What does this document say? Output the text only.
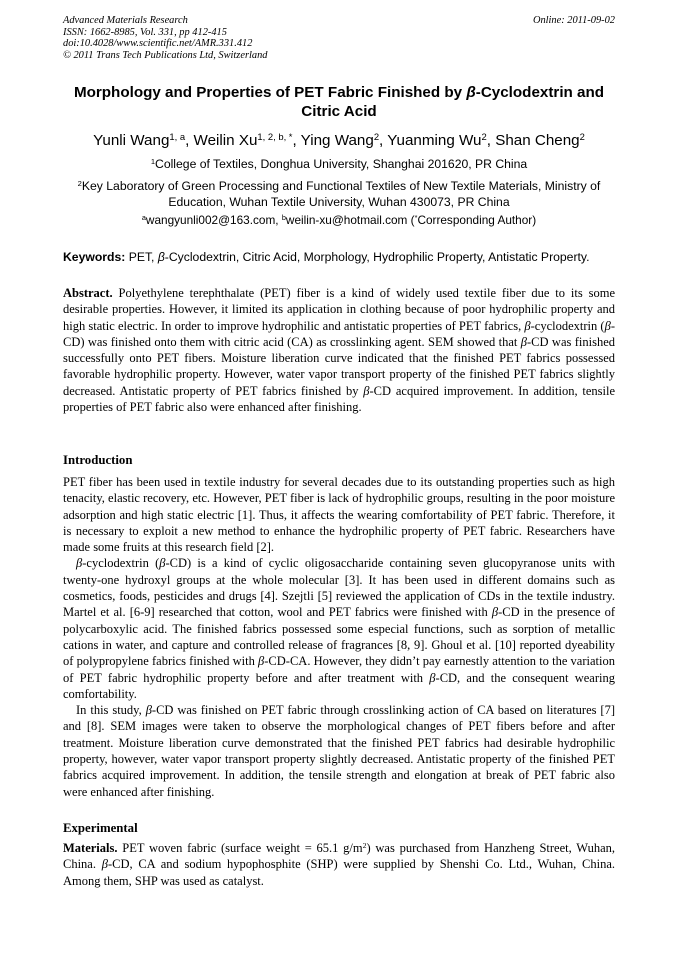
Advanced Materials Research
ISSN: 1662-8985, Vol. 331, pp 412-415
doi:10.4028/www.scientific.net/AMR.331.412
© 2011 Trans Tech Publications Ltd, Switzerland
Online: 2011-09-02
Morphology and Properties of PET Fabric Finished by β-Cyclodextrin and Citric Acid
Yunli Wang$^{1, a}$, Weilin $Xu^{1, 2, b, *}$, Ying Wang$^2$, Yuanming Wu$^2$, Shan Cheng$^2$
$^1$College of Textiles, Donghua University, Shanghai 201620, PR China
$^2$Key Laboratory of Green Processing and Functional Textiles of New Textile Materials, Ministry of Education, Wuhan Textile University, Wuhan 430073, PR China
$^a$wangyunli002@163.com, $^b$weilin-xu@hotmail.com (*Corresponding Author)
Keywords: PET, β-Cyclodextrin, Citric Acid, Morphology, Hydrophilic Property, Antistatic Property.
Abstract. Polyethylene terephthalate (PET) fiber is a kind of widely used textile fiber due to its some desirable properties. However, it limited its application in clothing because of poor hydrophilic property and high static electric. In order to improve hydrophilic and antistatic properties of PET fabrics, β-cyclodextrin (β-CD) was finished onto them with citric acid (CA) as crosslinking agent. SEM showed that β-CD was finished successfully onto PET fibers. Moisture liberation curve indicated that the finished PET fabrics possessed favorable hydrophilic property. However, water vapor transport property of the finished PET fabrics slightly decreased. Antistatic property of PET fabrics finished by β-CD acquired improvement. In addition, tensile properties of PET fabric also were enhanced after finishing.
Introduction

PET fiber has been used in textile industry for several decades due to its outstanding properties such as high tenacity, elastic recovery, etc. However, PET fiber is lack of hydrophilic groups, resulting in the poor moisture adsorption and high static electric [1]. Thus, it affects the wearing comfortability of PET fabric. Therefore, it is necessary to exploit a new method to enhance the hydrophilic property of PET fabric. Researchers have made some fruits at this research field [2].

β-cyclodextrin (β-CD) is a kind of cyclic oligosaccharide containing seven glucopyranose units with twenty-one hydroxyl groups at the whole molecular [3]. It has been used in different domains such as cosmetics, foods, pesticides and drugs [4]. Szejtli [5] reviewed the application of CDs in the textile industry. Martel et al. [6-9] researched that cotton, wool and PET fabrics were finished with β-CD in the presence of polycarboxylic acid. The finished fabrics possessed some especial functions, such as sorption of metallic cations in water, and capture and controlled release of fragrances [8, 9]. Ghoul et al. [10] reported dyeability of polypropylene fabrics finished with β-CD-CA. However, they didn’t pay earnestly attention to the variation of PET fabric hydrophilic property before and after treatment with β-CD, and the consequent wearing comfortability.

In this study, β-CD was finished on PET fabric through crosslinking action of CA based on literatures [7] and [8]. SEM images were taken to observe the morphological changes of PET fibers before and after treatment. Moisture liberation curve demonstrated that the finished PET fabrics had desirable hydrophilic property, however, water vapor transport property slightly decreased. Antistatic property of the finished PET fabrics acquired improvement. In addition, the tensile strength and elongation at break of PET fabric also were enhanced after finishing.

Experimental
Materials. PET woven fabric (surface weight = 65.1 $g/m^2$) was purchased from Hanzheng Street, Wuhan, China. β-CD, CA and sodium hypophosphite (SHP) were supplied by Shenshi Co. Ltd., Wuhan, China. Among them, SHP was used as catalyst.
